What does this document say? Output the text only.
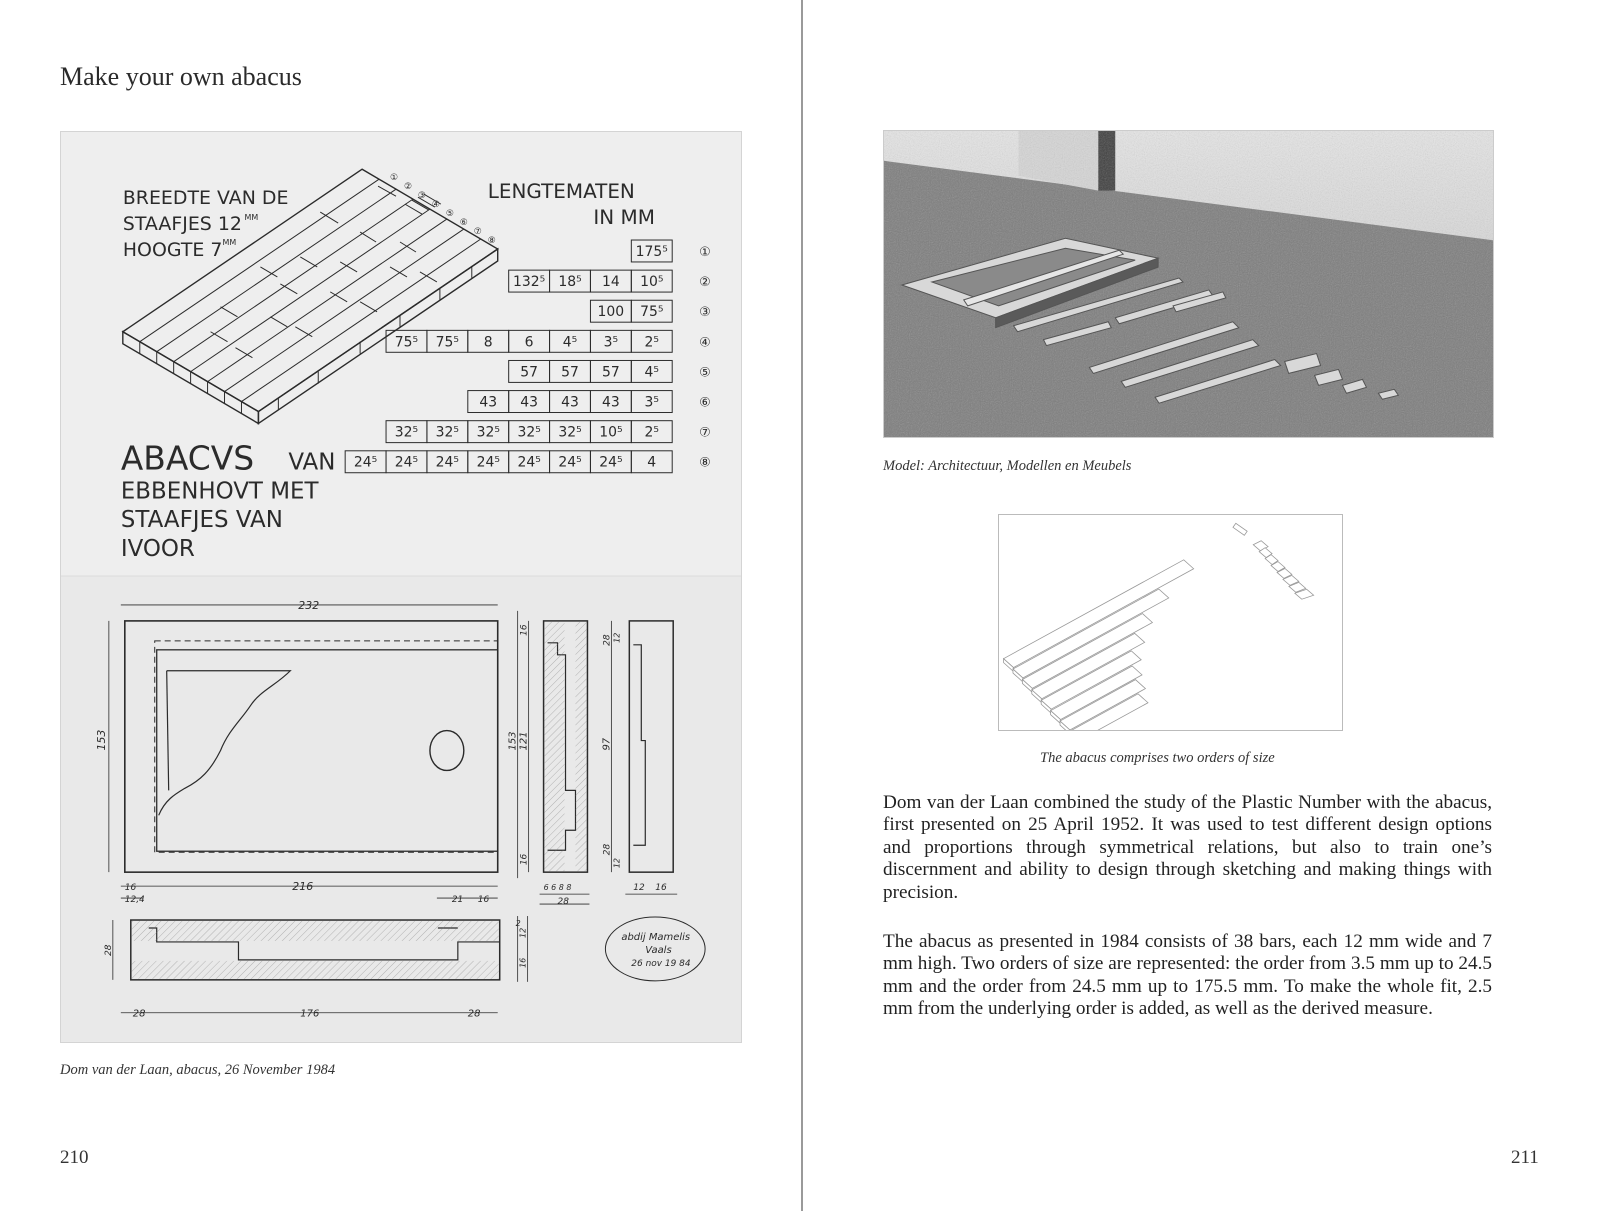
Make your own abacus
BREEDTE VAN DE
STAAFJES 12 MM
HOOGTE 7 MM
LENGTEMATEN
IN MM
①
②
③
④
⑤
⑥
⑦
⑧
175⁵ ①
132⁵ 18⁵ 14 10⁵	②
100 75⁵	③
75⁵ 75⁵ 8 6 4⁵ 3⁵ 2⁵	④
57 57 57 4⁵	⑤
43 43 43 43 3⁵	⑥
32⁵ 32⁵ 32⁵ 32⁵ 32⁵ 10⁵ 2⁵	⑦
24⁵ 24⁵ 24⁵ 24⁵ 24⁵ 24⁵ 24⁵ 4	⑧
ABACVS VAN
EBBENHOVT MET
STAAFJES VAN
IVOOR
232
153
216
16
12,4	21 16
153 121	97
16
16
28
28
12
12
6 6 8 8
28
12 16
28	176	28
28
2
12
16
abdij Mamelis
Vaals
26 nov 19 84
Dom van der Laan, abacus, 26 November 1984
210
Model: Architectuur, Modellen en Meubels
The abacus comprises two orders of size

Dom van der Laan combined the study of the Plastic Number with the abacus, first presented on 25 April 1952. It was used to test different design options and proportions through symmetrical relations, but also to train one’s discernment and ability to design through sketching and making things with precision.

The abacus as presented in 1984 consists of 38 bars, each 12 mm wide and 7 mm high. Two orders of size are represented: the order from 3.5 mm up to 24.5 mm and the order from 24.5 mm up to 175.5 mm. To make the whole fit, 2.5 mm from the underlying order is added, as well as the derived measure.

211
